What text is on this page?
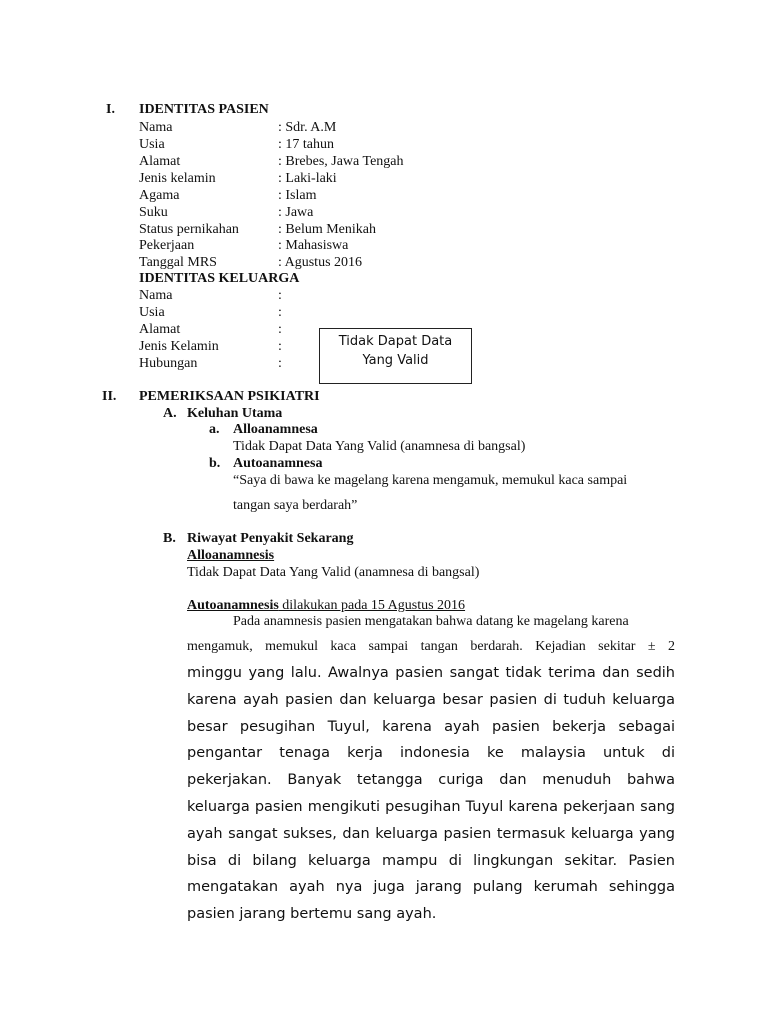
I. IDENTITAS PASIEN
Nama	: Sdr. A.M
Usia	: 17 tahun
Alamat	: Brebes, Jawa Tengah
Jenis kelamin	: Laki-laki
Agama	: Islam
Suku	: Jawa
Status pernikahan	: Belum Menikah
Pekerjaan	: Mahasiswa
Tanggal MRS	: Agustus 2016
IDENTITAS KELUARGA
Nama	:
Usia	:
Alamat	:
Jenis Kelamin	:
Hubungan	:
Tidak Dapat Data
Yang Valid
II. PEMERIKSAAN PSIKIATRI
A. Keluhan Utama
a. Alloanamnesa
Tidak Dapat Data Yang Valid (anamnesa di bangsal)
b. Autoanamnesa
“Saya di bawa ke magelang karena mengamuk, memukul kaca sampai
tangan saya berdarah”
B. Riwayat Penyakit Sekarang
Alloanamnesis
Tidak Dapat Data Yang Valid (anamnesa di bangsal)
Autoanamnesis dilakukan pada 15 Agustus 2016
Pada anamnesis pasien mengatakan bahwa datang ke magelang karena
mengamuk, memukul kaca sampai tangan berdarah. Kejadian sekitar ± 2
minggu yang lalu. Awalnya pasien sangat tidak terima dan sedih karena ayah pasien dan keluarga besar pasien di tuduh keluarga besar pesugihan Tuyul, karena ayah pasien bekerja sebagai pengantar tenaga kerja indonesia ke malaysia untuk di pekerjakan. Banyak tetangga curiga dan menuduh bahwa keluarga pasien mengikuti pesugihan Tuyul karena pekerjaan sang ayah sangat sukses, dan keluarga pasien termasuk keluarga yang bisa di bilang keluarga mampu di lingkungan sekitar. Pasien mengatakan ayah nya juga jarang pulang kerumah sehingga pasien jarang bertemu sang ayah.
